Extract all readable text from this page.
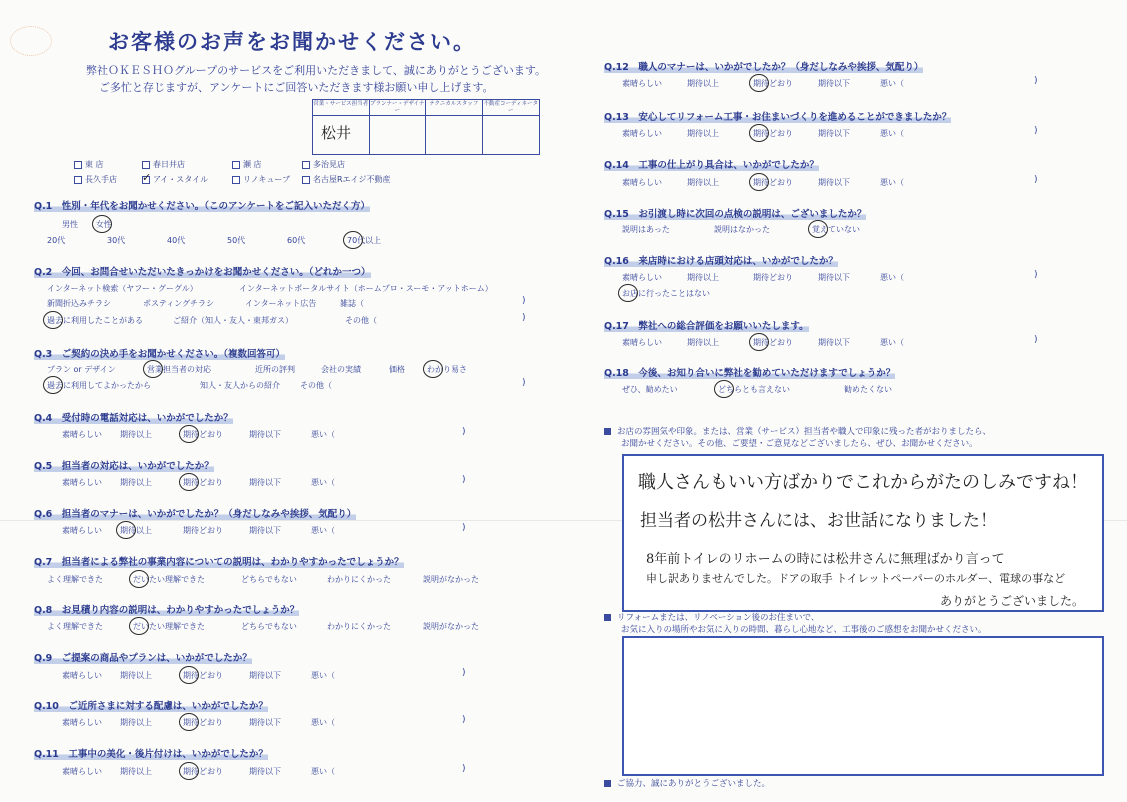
お客様のお声をお聞かせください。
弊社ＯＫＥＳＨＯグループのサービスをご利用いただきまして、誠にありがとうございます。
ご多忙と存じますが、アンケートにご回答いただきます様お願い申し上げます。
営業・サービス担当者 プランナー・デザイナー
テクニカルスタッフ 不動産コーディネーター
松井
東 店	春日井店	瀬 店	多治見店
長久手店
✓	アイ・スタイル	リノキューブ	名古屋Rエイジ不動産
Q.1　性別・年代をお聞かせください。（このアンケートをご記入いただく方）
男性 女性
20代	30代	40代	50代	60代	70代以上
Q.2　今回、お問合せいただいたきっかけをお聞かせください。（どれか一つ）
インターネット検索（ヤフー・グーグル）	インターネットポータルサイト（ホームプロ・スーモ・アットホーム）
新聞折込みチラシ	ポスティングチラシ	インターネット広告	雑誌（	)
過去に利用したことがある	ご紹介（知人・友人・東邦ガス）	その他（	)
Q.3　ご契約の決め手をお聞かせください。（複数回答可）
プラン or デザイン	営業担当者の対応	近所の評判	会社の実績	価格	わかり易さ
過去に利用してよかったから	知人・友人からの紹介	その他（	)
Q.4　受付時の電話対応は、いかがでしたか？
素晴らしい 期待以上	期待どおり	期待以下	悪い（	)
Q.5　担当者の対応は、いかがでしたか？
素晴らしい 期待以上	期待どおり	期待以下	悪い（	)
Q.6　担当者のマナーは、いかがでしたか？（身だしなみや挨拶、気配り）
素晴らしい 期待以上	期待どおり	期待以下	悪い（	)
Q.7　担当者による弊社の事業内容についての説明は、わかりやすかったでしょうか？
よく理解できた	だいたい理解できた	どちらでもない	わかりにくかった	説明がなかった
Q.8　お見積り内容の説明は、わかりやすかったでしょうか？
よく理解できた	だいたい理解できた	どちらでもない	わかりにくかった	説明がなかった
Q.9　ご提案の商品やプランは、いかがでしたか？
素晴らしい 期待以上	期待どおり	期待以下	悪い（	)
Q.10　ご近所さまに対する配慮は、いかがでしたか？
素晴らしい 期待以上	期待どおり	期待以下	悪い（	)
Q.11　工事中の美化・後片付けは、いかがでしたか？
素晴らしい 期待以上	期待どおり	期待以下	悪い（	)
Q.12　職人のマナーは、いかがでしたか？（身だしなみや挨拶、気配り）
素晴らしい	期待以上	期待どおり	期待以下	悪い（	)
Q.13　安心してリフォーム工事・お住まいづくりを進めることができましたか？
素晴らしい	期待以上	期待どおり	期待以下	悪い（	)
Q.14　工事の仕上がり具合は、いかがでしたか？
素晴らしい	期待以上	期待どおり	期待以下	悪い（	)
Q.15　お引渡し時に次回の点検の説明は、ございましたか？
説明はあった	説明はなかった	覚えていない
Q.16　来店時における店頭対応は、いかがでしたか？
素晴らしい	期待以上	期待どおり	期待以下	悪い（	)
お店に行ったことはない
Q.17　弊社への総合評価をお願いいたします。
素晴らしい	期待以上	期待どおり	期待以下	悪い（	)
Q.18　今後、お知り合いに弊社を勧めていただけますでしょうか？
ぜひ、勧めたい	どちらとも言えない	勧めたくない
お店の雰囲気や印象。または、営業（サービス）担当者や職人で印象に残った者がおりましたら、
お聞かせください。その他、ご要望・ご意見などございましたら、ぜひ、お聞かせください。
職人さんもいい方ばかりでこれからがたのしみですね！
担当者の松井さんには、お世話になりました！
8年前トイレのリホームの時には松井さんに無理ばかり言って
申し訳ありませんでした。ドアの取手 トイレットペーパーのホルダー、電球の事など
ありがとうございました。
リフォームまたは、リノベーション後のお住まいで、
お気に入りの場所やお気に入りの時間、暮らし心地など、工事後のご感想をお聞かせください。
ご協力、誠にありがとうございました。
